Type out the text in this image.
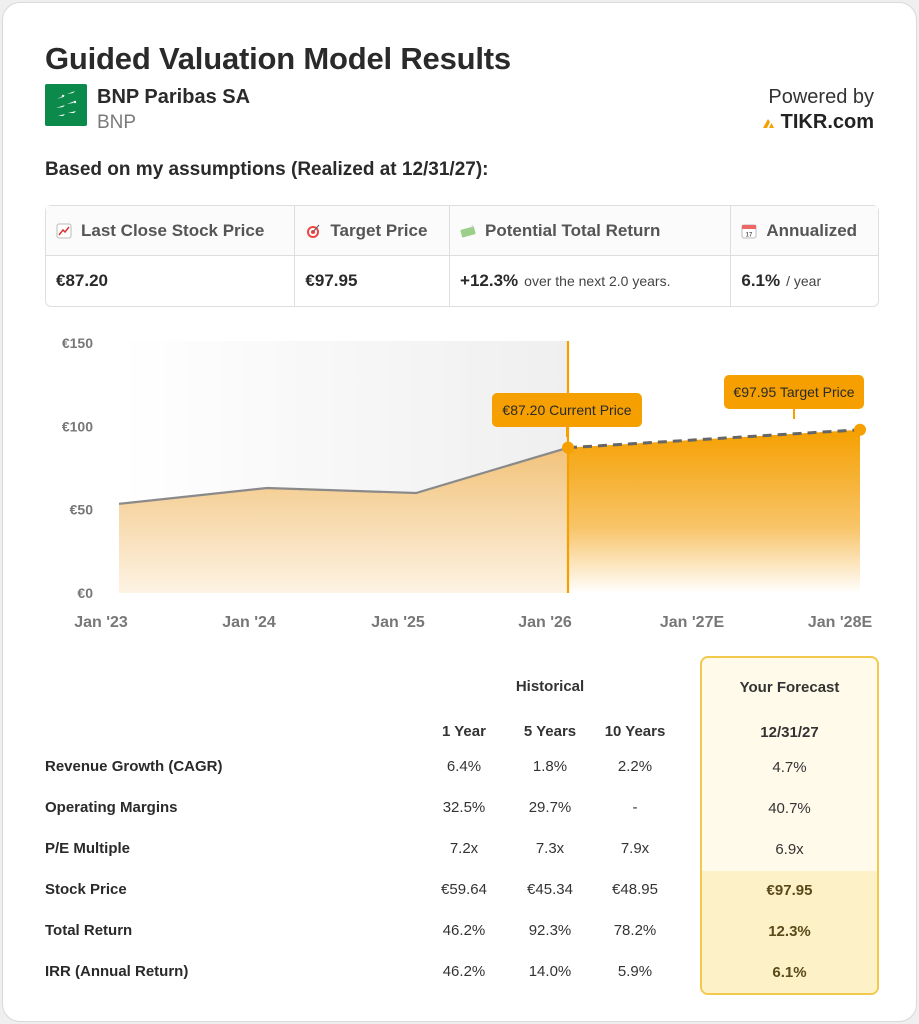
Guided Valuation Model Results
BNP Paribas SA
BNP
Powered by
TIKR.com
Based on my assumptions (Realized at 12/31/27):
Last Close Stock Price
€87.20
Target Price
€97.95
Potential Total Return
+12.3% over the next 2.0 years.
17 Annualized
6.1% / year
€87.20 Current Price
€97.95 Target Price
€150
€100
€50
€0
Jan '23	Jan '24	Jan '25	Jan '26	Jan '27E	Jan '28E
Historical	Your Forecast
1 Year	5 Years	10 Years	12/31/27
Revenue Growth (CAGR)	6.4%	1.8%	2.2%	4.7%
Operating Margins	32.5%	29.7%	-	40.7%
P/E Multiple	7.2x	7.3x	7.9x	6.9x
Stock Price	€59.64	€45.34	€48.95	€97.95
Total Return	46.2%	92.3%	78.2%	12.3%
IRR (Annual Return)	46.2%	14.0%	5.9%	6.1%
